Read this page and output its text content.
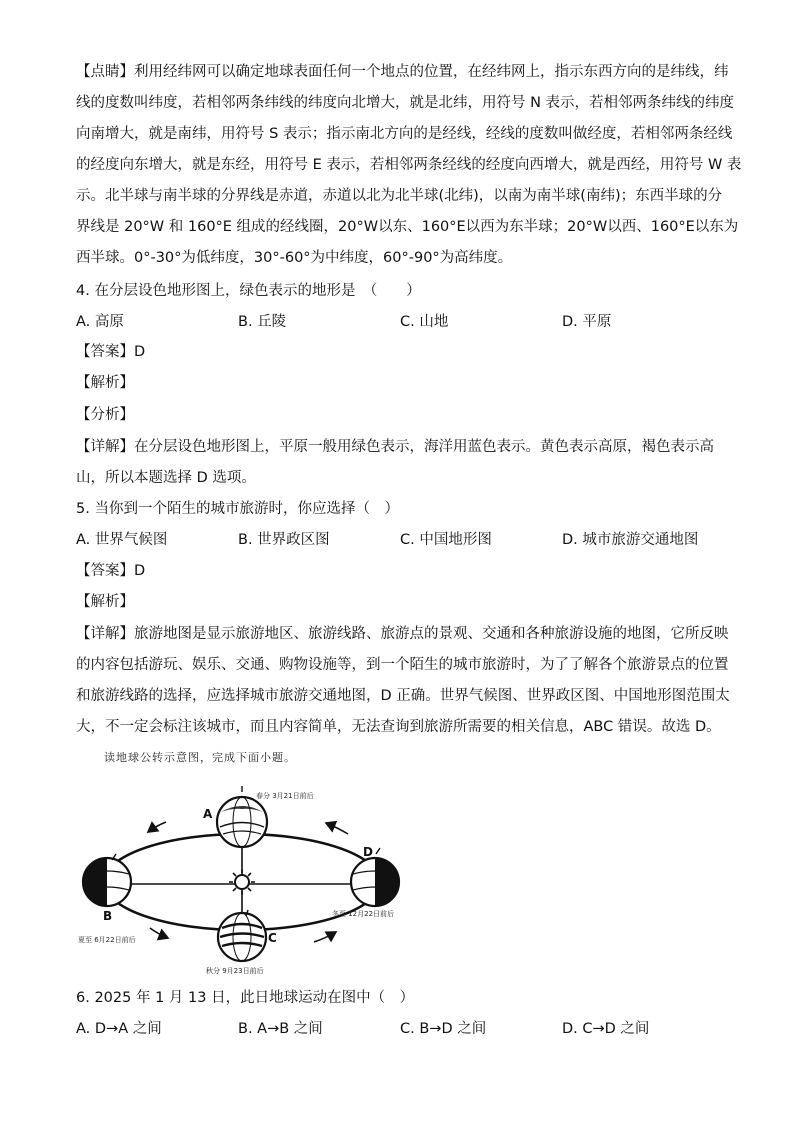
【点睛】利用经纬网可以确定地球表面任何一个地点的位置，在经纬网上，指示东西方向的是纬线，纬
线的度数叫纬度，若相邻两条纬线的纬度向北增大，就是北纬，用符号 N 表示，若相邻两条纬线的纬度
向南增大，就是南纬，用符号 S 表示；指示南北方向的是经线，经线的度数叫做经度，若相邻两条经线
的经度向东增大，就是东经，用符号 E 表示，若相邻两条经线的经度向西增大，就是西经，用符号 W 表
示。北半球与南半球的分界线是赤道，赤道以北为北半球(北纬)，以南为南半球(南纬)；东西半球的分
界线是 20°W 和 160°E 组成的经线圈，20°W以东、160°E以西为东半球；20°W以西、160°E以东为
西半球。0°-30°为低纬度，30°-60°为中纬度，60°-90°为高纬度。
4. 在分层设色地形图上，绿色表示的地形是　（　　）
A. 高原	B. 丘陵	C. 山地	D. 平原
【答案】D
【解析】
【分析】
【详解】在分层设色地形图上，平原一般用绿色表示，海洋用蓝色表示。黄色表示高原，褐色表示高
山，所以本题选择 D 选项。
5. 当你到一个陌生的城市旅游时，你应选择（　）
A. 世界气候图	B. 世界政区图	C. 中国地形图	D. 城市旅游交通地图
【答案】D
【解析】
【详解】旅游地图是显示旅游地区、旅游线路、旅游点的景观、交通和各种旅游设施的地图，它所反映
的内容包括游玩、娱乐、交通、购物设施等，到一个陌生的城市旅游时，为了了解各个旅游景点的位置
和旅游线路的选择，应选择城市旅游交通地图，D 正确。世界气候图、世界政区图、中国地形图范围太
大，不一定会标注该城市，而且内容简单，无法查询到旅游所需要的相关信息，ABC 错误。故选 D。
读地球公转示意图，完成下面小题。
A
春分 3月21日前后
B
夏至 6月22日前后	C
秋分 9月23日前后
D
冬至 12月22日前后
6. 2025 年 1 月 13 日，此日地球运动在图中（　）
A. D→A 之间	B. A→B 之间	C. B→D 之间	D. C→D 之间
